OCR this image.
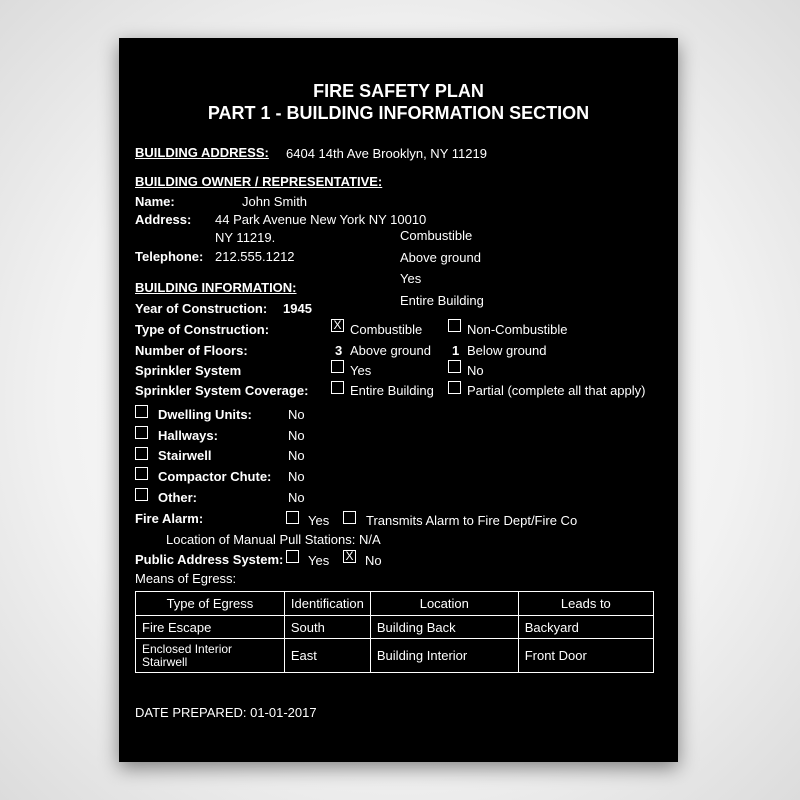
FIRE SAFETY PLAN
PART 1 - BUILDING INFORMATION SECTION
BUILDING ADDRESS: 6404 14th Ave Brooklyn, NY 11219
BUILDING OWNER / REPRESENTATIVE:
Name:	John Smith
Address: 44 Park Avenue New York NY 10010
NY 11219.
Telephone: 212.555.1212
Combustible
Above ground
Yes
Entire Building
BUILDING INFORMATION:
Year of Construction: 1945
Type of Construction:	X Combustible	Non-Combustible
Number of Floors:	3 Above ground 1 Below ground
Sprinkler System	Yes	No
Sprinkler System Coverage:	Entire Building	Partial (complete all that apply)
Dwelling Units:	No
Hallways:	No
Stairwell	No
Compactor Chute: No
Other:	No
Fire Alarm:	Yes	Transmits Alarm to Fire Dept/Fire Co
Location of Manual Pull Stations: N/A
Public Address System: Yes X No
Means of Egress:
Type of Egress	Identification	Location	Leads to
Fire Escape	South	Building Back	Backyard
Enclosed Interior Stairwell	East	Building Interior	Front Door
DATE PREPARED: 01-01-2017
